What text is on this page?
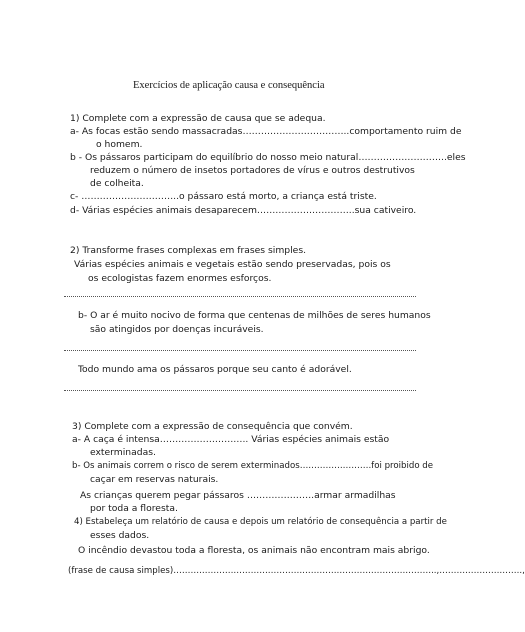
Exercícios de aplicação causa e consequência
1) Complete com a expressão de causa que se adequa.
a- As focas estão sendo massacradas……………………………..comportamento ruim de
o homem.
b - Os pássaros participam do equilíbrio do nosso meio natural………………………..eles
reduzem o número de insetos portadores de vírus e outros destrutivos
de colheita.
c- …………………………..o pássaro está morto, a criança está triste.
d- Várias espécies animais desaparecem…………………………..sua cativeiro.
2) Transforme frases complexas em frases simples.
Várias espécies animais e vegetais estão sendo preservadas, pois os
os ecologistas fazem enormes esforços.
b- O ar é muito nocivo de forma que centenas de milhões de seres humanos
são atingidos por doenças incuráveis.
Todo mundo ama os pássaros porque seu canto é adorável.
3) Complete com a expressão de consequência que convém.
a- A caça é intensa……………………….. Várias espécies animais estão
exterminadas.
b- Os animais correm o risco de serem exterminados…………………….foi proibido de
caçar em reservas naturais.
As crianças querem pegar pássaros ………………….armar armadilhas
por toda a floresta.
4) Estabeleça um relatório de causa e depois um relatório de consequência a partir de
esses dados.
O incêndio devastou toda a floresta, os animais não encontram mais abrigo.
(frase de causa simples)………………………………………………………………………………..,………………………..,
